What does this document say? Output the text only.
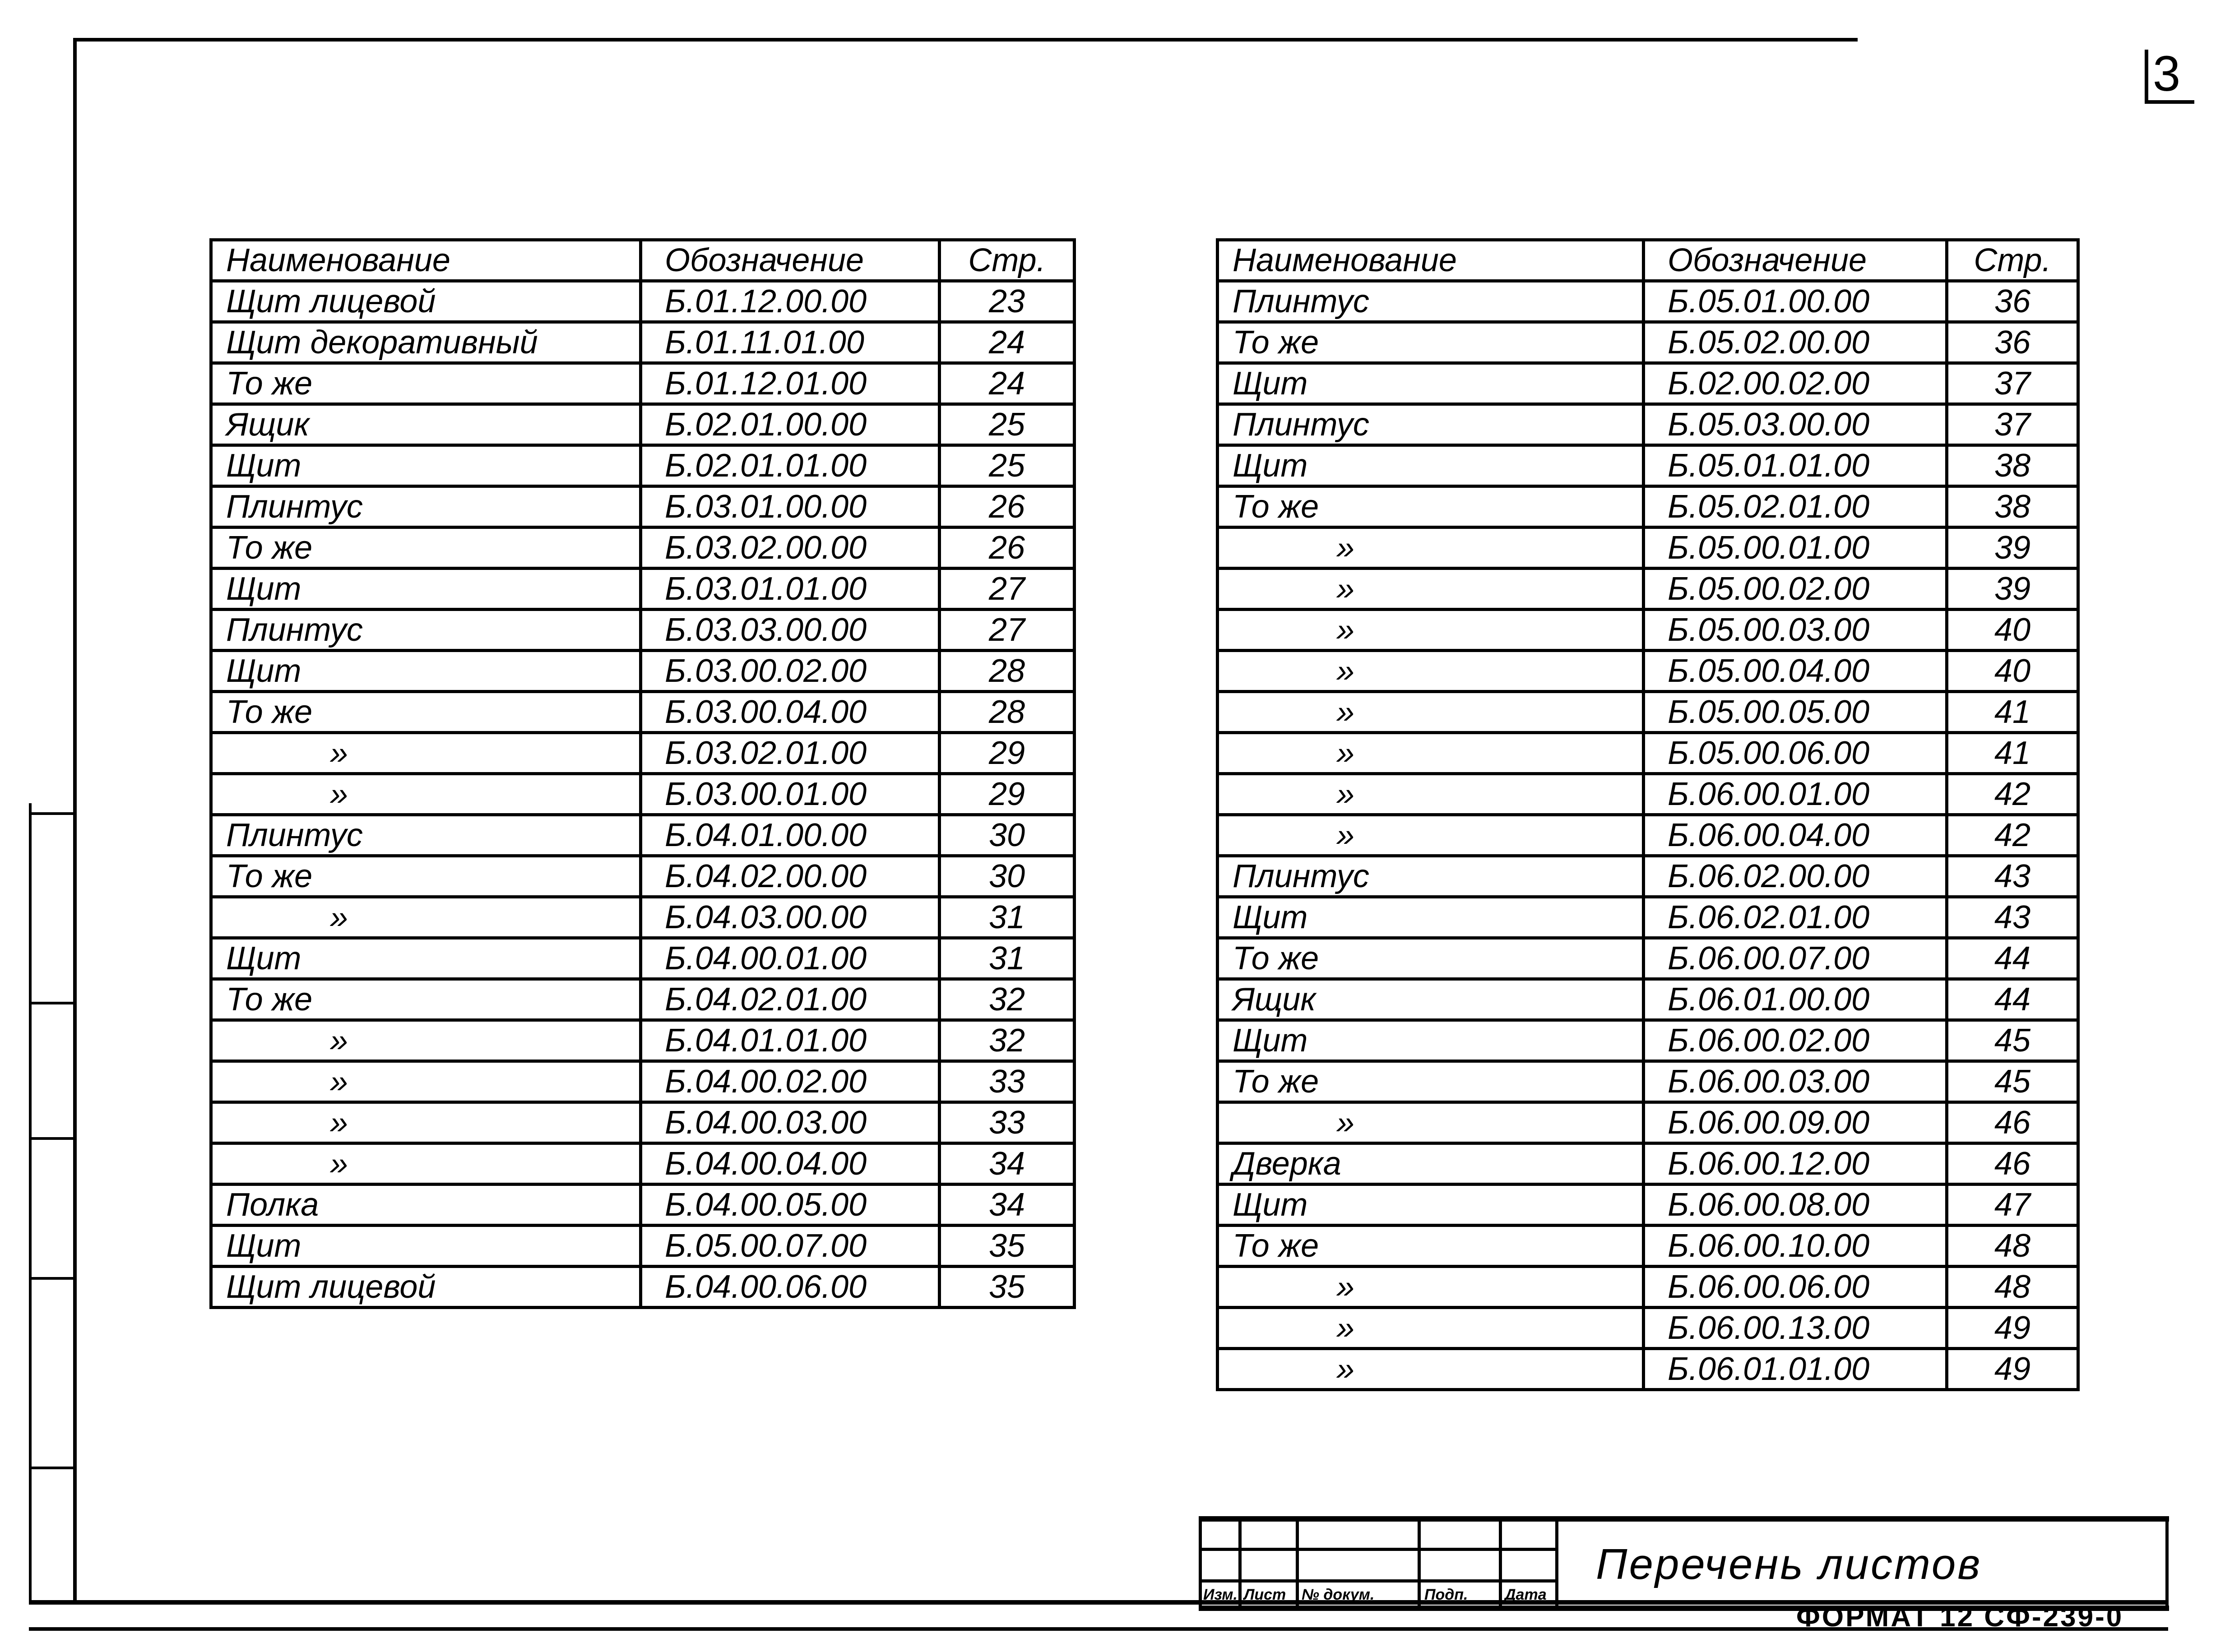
3
Наименование	Обозначение	Стр.
Щит лицевой	Б.01.12.00.00	23
Щит декоративный	Б.01.11.01.00	24
То же	Б.01.12.01.00	24
Ящик	Б.02.01.00.00	25
Щит	Б.02.01.01.00	25
Плинтус	Б.03.01.00.00	26
То же	Б.03.02.00.00	26
Щит	Б.03.01.01.00	27
Плинтус	Б.03.03.00.00	27
Щит	Б.03.00.02.00	28
То же	Б.03.00.04.00	28
»	Б.03.02.01.00	29
»	Б.03.00.01.00	29
Плинтус	Б.04.01.00.00	30
То же	Б.04.02.00.00	30
»	Б.04.03.00.00	31
Щит	Б.04.00.01.00	31
То же	Б.04.02.01.00	32
»	Б.04.01.01.00	32
»	Б.04.00.02.00	33
»	Б.04.00.03.00	33
»	Б.04.00.04.00	34
Полка	Б.04.00.05.00	34
Щит	Б.05.00.07.00	35
Щит лицевой	Б.04.00.06.00	35
Наименование	Обозначение	Стр.
Плинтус	Б.05.01.00.00	36
То же	Б.05.02.00.00	36
Щит	Б.02.00.02.00	37
Плинтус	Б.05.03.00.00	37
Щит	Б.05.01.01.00	38
То же	Б.05.02.01.00	38
»	Б.05.00.01.00	39
»	Б.05.00.02.00	39
»	Б.05.00.03.00	40
»	Б.05.00.04.00	40
»	Б.05.00.05.00	41
»	Б.05.00.06.00	41
»	Б.06.00.01.00	42
»	Б.06.00.04.00	42
Плинтус	Б.06.02.00.00	43
Щит	Б.06.02.01.00	43
То же	Б.06.00.07.00	44
Ящик	Б.06.01.00.00	44
Щит	Б.06.00.02.00	45
То же	Б.06.00.03.00	45
»	Б.06.00.09.00	46
Дверка	Б.06.00.12.00	46
Щит	Б.06.00.08.00	47
То же	Б.06.00.10.00	48
»	Б.06.00.06.00	48
»	Б.06.00.13.00	49
»	Б.06.01.01.00	49
Изм. Лист № докум.	Подп. Дата
Перечень листов
ФОРМАТ 12 СФ-239-0
